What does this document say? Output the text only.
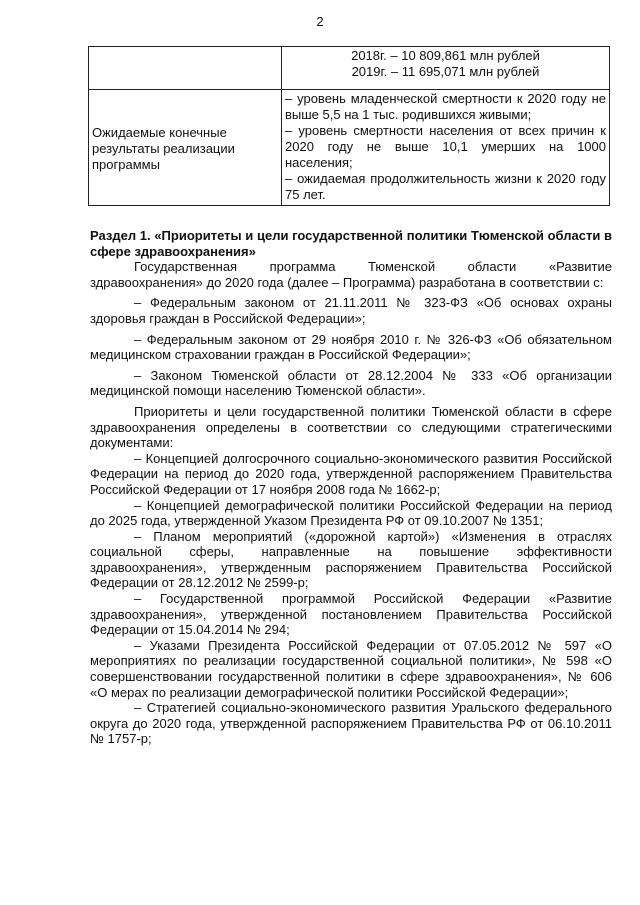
2

	2018г. – 10 809,861 млн рублей
2019г. – 11 695,071 млн рублей

Ожидаемые конечные результаты реализации программы	– уровень младенческой смертности к 2020 году не выше 5,5 на 1 тыс. родившихся живыми;
– уровень смертности населения от всех причин к 2020 году не выше 10,1 умерших на 1000 населения;
– ожидаемая продолжительность жизни к 2020 году 75 лет.

Раздел 1. «Приоритеты и цели государственной политики Тюменской области в сфере здравоохранения»

Государственная программа Тюменской области «Развитие здравоохранения» до 2020 года (далее – Программа) разработана в соответствии с:

– Федеральным законом от 21.11.2011 № 323-ФЗ «Об основах охраны здоровья граждан в Российской Федерации»;

– Федеральным законом от 29 ноября 2010 г. № 326-ФЗ «Об обязательном медицинском страховании граждан в Российской Федерации»;

– Законом Тюменской области от 28.12.2004 № 333 «Об организации медицинской помощи населению Тюменской области».

Приоритеты и цели государственной политики Тюменской области в сфере здравоохранения определены в соответствии со следующими стратегическими документами:

– Концепцией долгосрочного социально-экономического развития Российской Федерации на период до 2020 года, утвержденной распоряжением Правительства Российской Федерации от 17 ноября 2008 года № 1662-р;

– Концепцией демографической политики Российской Федерации на период до 2025 года, утвержденной Указом Президента РФ от 09.10.2007 № 1351;

– Планом мероприятий («дорожной картой») «Изменения в отраслях социальной сферы, направленные на повышение эффективности здравоохранения», утвержденным распоряжением Правительства Российской Федерации от 28.12.2012 № 2599-р;

– Государственной программой Российской Федерации «Развитие здравоохранения», утвержденной постановлением Правительства Российской Федерации от 15.04.2014 № 294;

– Указами Президента Российской Федерации от 07.05.2012 № 597 «О мероприятиях по реализации государственной социальной политики», № 598 «О совершенствовании государственной политики в сфере здравоохранения», № 606 «О мерах по реализации демографической политики Российской Федерации»;

– Стратегией социально-экономического развития Уральского федерального округа до 2020 года, утвержденной распоряжением Правительства РФ от 06.10.2011 № 1757-р;
